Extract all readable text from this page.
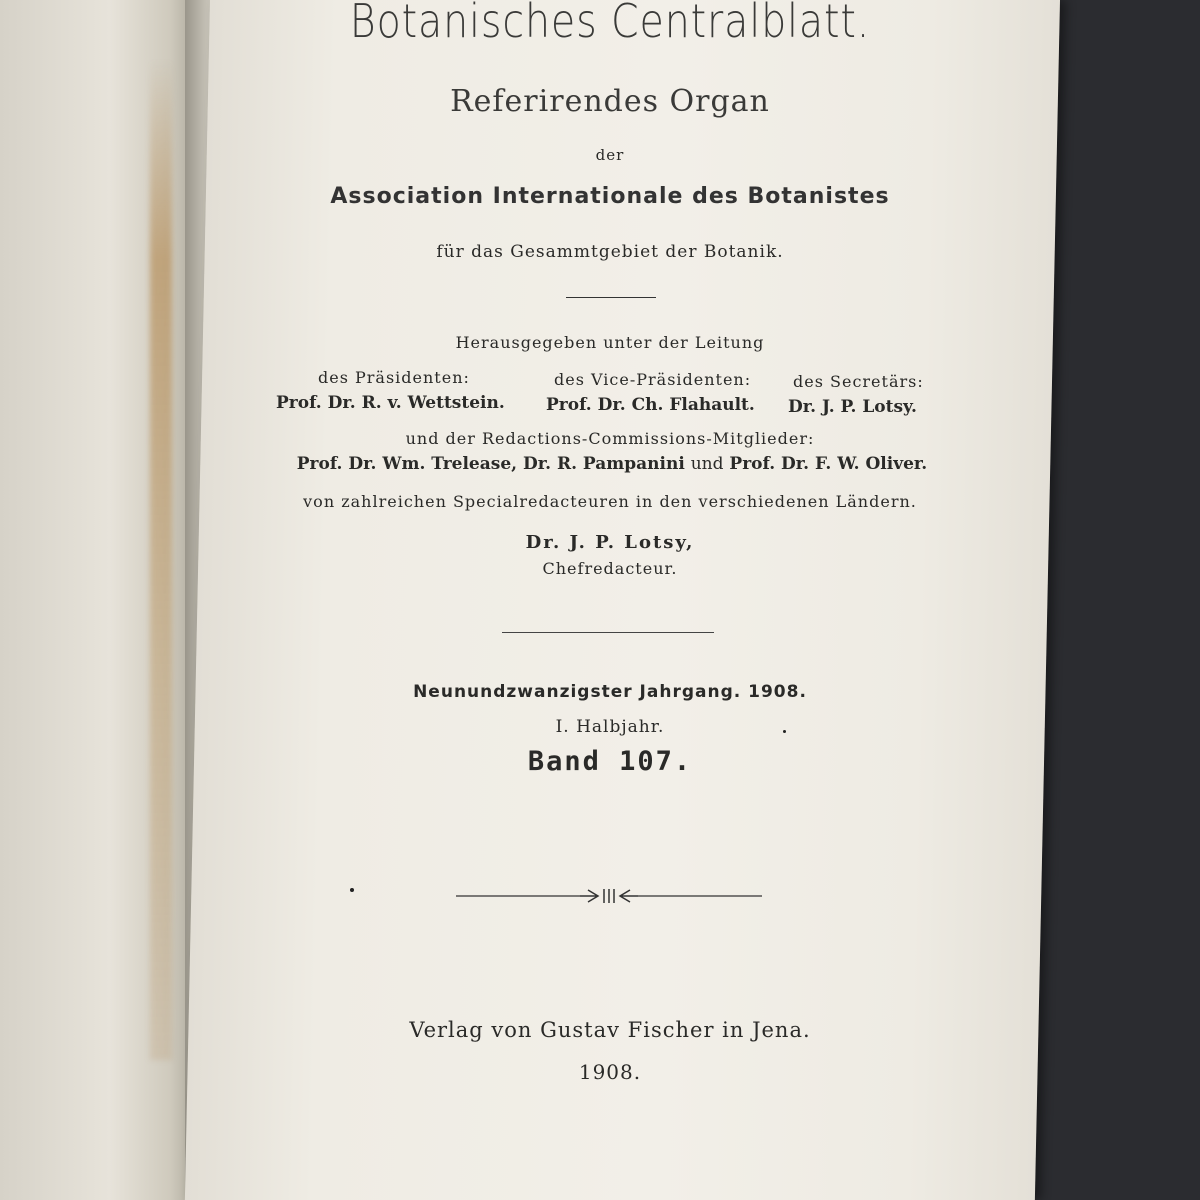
Botanisches Centralblatt.
Referirendes Organ
der
Association Internationale des Botanistes
für das Gesammtgebiet der Botanik.
Herausgegeben unter der Leitung
des Präsidenten:	des Vice-Präsidenten:	des Secretärs:
Prof. Dr. R. v. Wettstein. Prof. Dr. Ch. Flahault. Dr. J. P. Lotsy.
und der Redactions-Commissions-Mitglieder:
Prof. Dr. Wm. Trelease, Dr. R. Pampanini und Prof. Dr. F. W. Oliver.
von zahlreichen Specialredacteuren in den verschiedenen Ländern.
Dr. J. P. Lotsy,
Chefredacteur.
Neunundzwanzigster Jahrgang. 1908.
I. Halbjahr.
Band 107.
Verlag von Gustav Fischer in Jena.
1908.
